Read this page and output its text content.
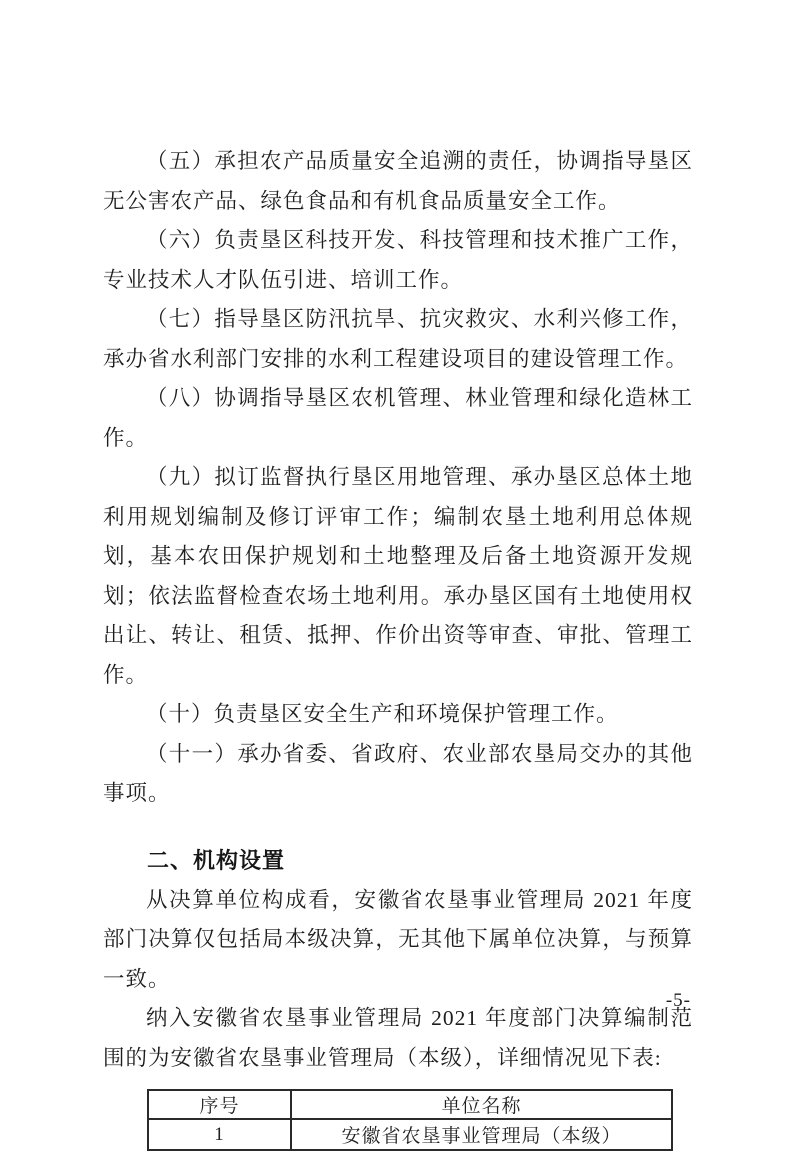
（五）承担农产品质量安全追溯的责任，协调指导垦区无公害农产品、绿色食品和有机食品质量安全工作。

（六）负责垦区科技开发、科技管理和技术推广工作，专业技术人才队伍引进、培训工作。

（七）指导垦区防汛抗旱、抗灾救灾、水利兴修工作，承办省水利部门安排的水利工程建设项目的建设管理工作。

（八）协调指导垦区农机管理、林业管理和绿化造林工作。

（九）拟订监督执行垦区用地管理、承办垦区总体土地利用规划编制及修订评审工作；编制农垦土地利用总体规划，基本农田保护规划和土地整理及后备土地资源开发规划；依法监督检查农场土地利用。承办垦区国有土地使用权出让、转让、租赁、抵押、作价出资等审查、审批、管理工作。

（十）负责垦区安全生产和环境保护管理工作。

（十一）承办省委、省政府、农业部农垦局交办的其他事项。

二、机构设置

从决算单位构成看，安徽省农垦事业管理局 2021 年度部门决算仅包括局本级决算，无其他下属单位决算，与预算一致。

纳入安徽省农垦事业管理局 2021 年度部门决算编制范围的为安徽省农垦事业管理局（本级），详细情况见下表:

序号	单位名称
1	安徽省农垦事业管理局（本级）
-5-
